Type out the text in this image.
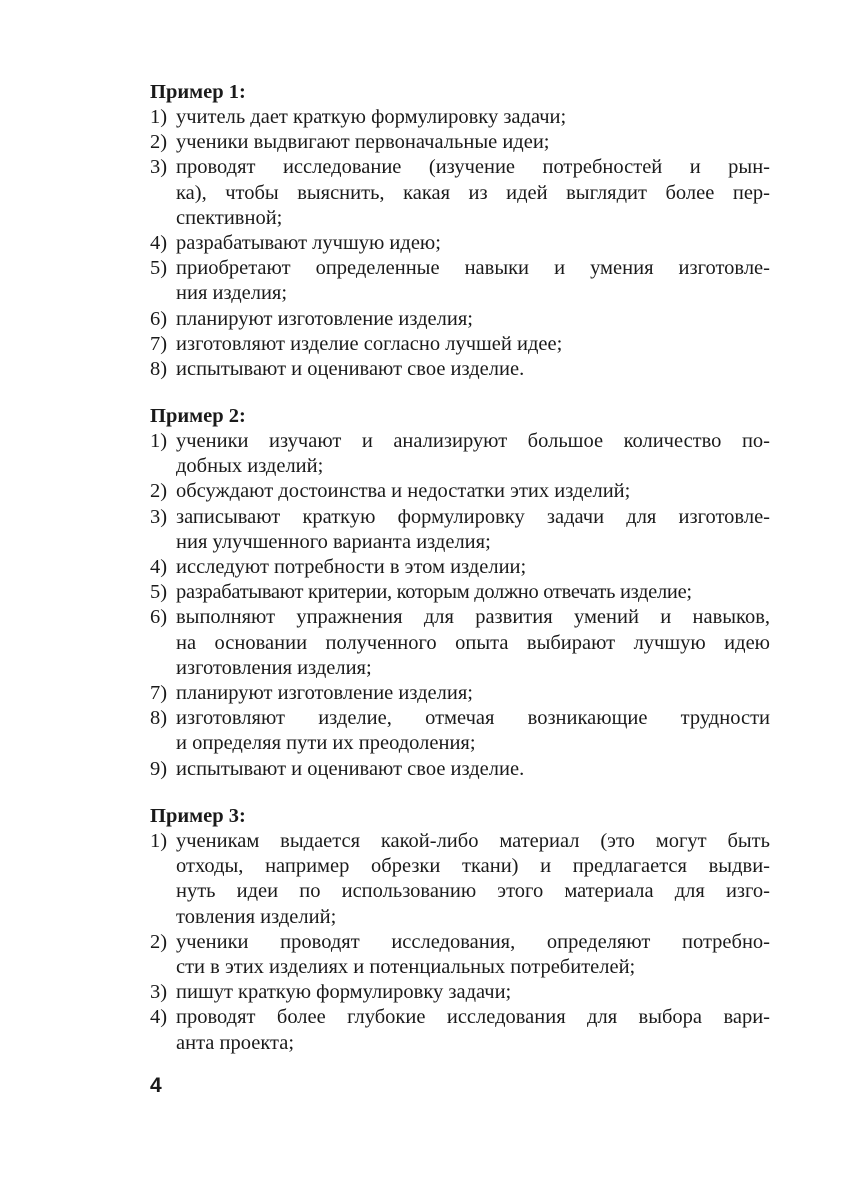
Пример 1:
1) учитель дает краткую формулировку задачи;
2) ученики выдвигают первоначальные идеи;
3) проводят исследование (изучение потребностей и рын-
ка), чтобы выяснить, какая из идей выглядит более пер-
спективной;
4) разрабатывают лучшую идею;
5) приобретают определенные навыки и умения изготовле-
ния изделия;
6) планируют изготовление изделия;
7) изготовляют изделие согласно лучшей идее;
8) испытывают и оценивают свое изделие.
Пример 2:
1) ученики изучают и анализируют большое количество по-
добных изделий;
2) обсуждают достоинства и недостатки этих изделий;
3) записывают краткую формулировку задачи для изготовле-
ния улучшенного варианта изделия;
4) исследуют потребности в этом изделии;
5) разрабатывают критерии, которым должно отвечать изделие;
6) выполняют упражнения для развития умений и навыков,
на основании полученного опыта выбирают лучшую идею
изготовления изделия;
7) планируют изготовление изделия;
8) изготовляют изделие, отмечая возникающие трудности
и определяя пути их преодоления;
9) испытывают и оценивают свое изделие.
Пример 3:
1) ученикам выдается какой-либо материал (это могут быть
отходы, например обрезки ткани) и предлагается выдви-
нуть идеи по использованию этого материала для изго-
товления изделий;
2) ученики проводят исследования, определяют потребно-
сти в этих изделиях и потенциальных потребителей;
3) пишут краткую формулировку задачи;
4) проводят более глубокие исследования для выбора вари-
анта проекта;
4
